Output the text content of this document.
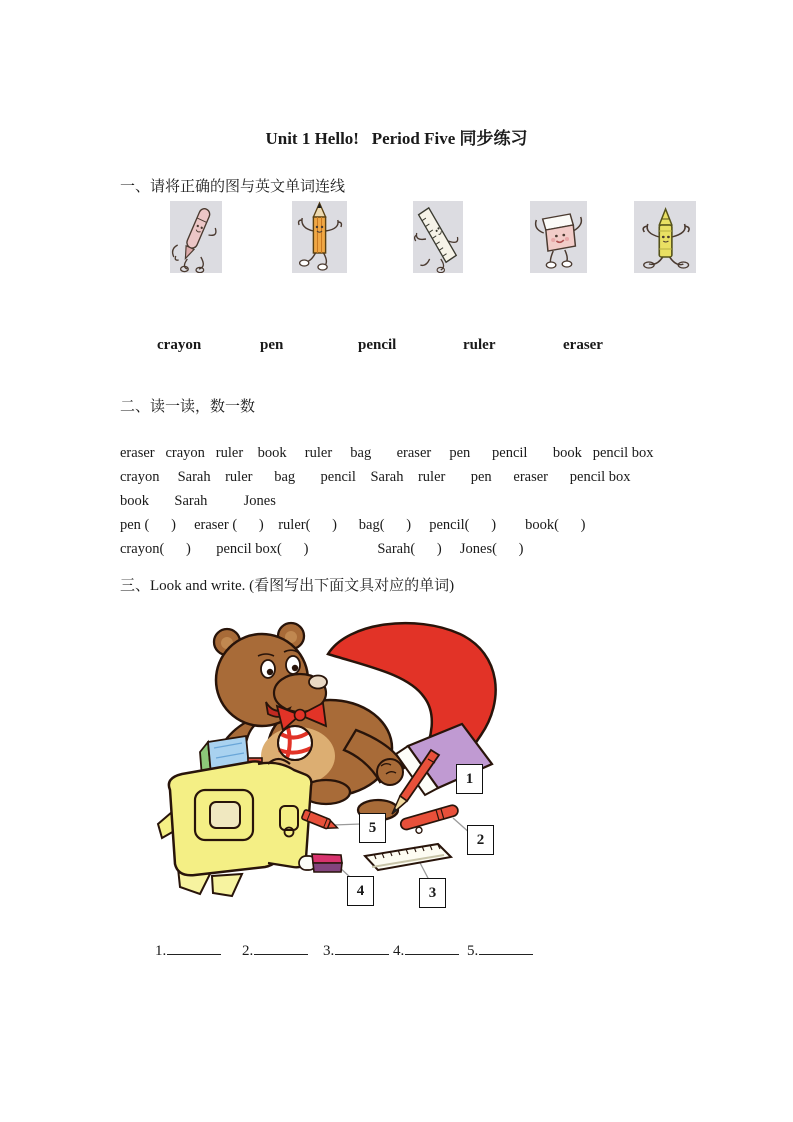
Unit 1 Hello!   Period Five 同步练习
一、请将正确的图与英文单词连线
crayon	pen	pencil	ruler	eraser
二、读一读，数一数
eraser   crayon   ruler    book     ruler     bag       eraser     pen      pencil       book   pencil box
crayon     Sarah    ruler      bag       pencil    Sarah    ruler       pen      eraser      pencil box
book       Sarah          Jones
pen (      )     eraser (      )    ruler(      )      bag(      )     pencil(      )        book(      )
crayon(      )       pencil box(      )                   Sarah(      )     Jones(      )
三、Look and write. (看图写出下面文具对应的单词)
1
2
3
4
5
1.	2.	3.	4.	5.
